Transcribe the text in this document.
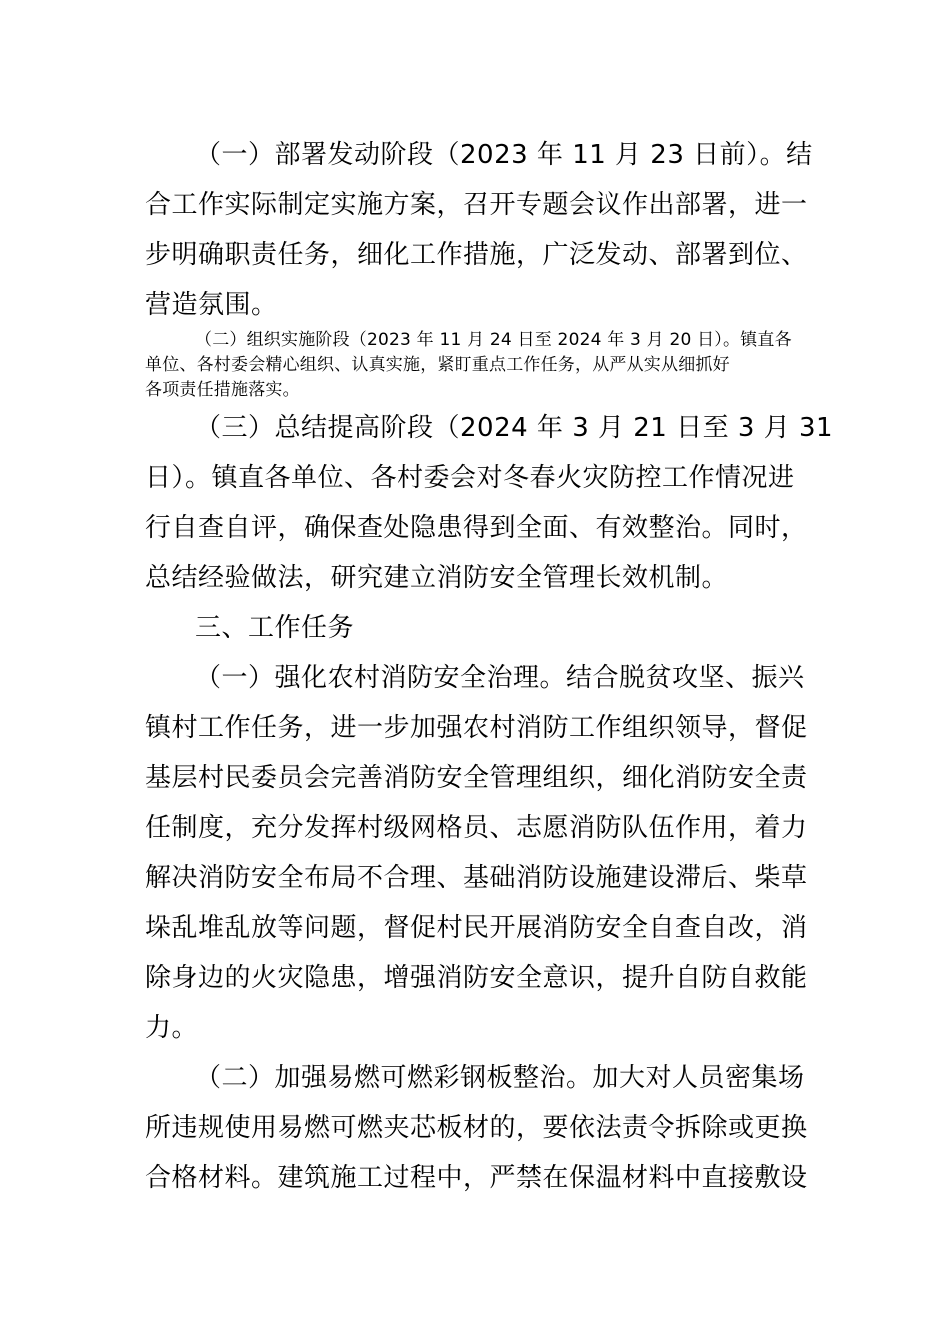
（一）部署发动阶段（2023 年 11 月 23 日前）。结

合工作实际制定实施方案，召开专题会议作出部署，进一

步明确职责任务，细化工作措施，广泛发动、部署到位、

营造氛围。

（二）组织实施阶段（2023 年 11 月 24 日至 2024 年 3 月 20 日）。镇直各

单位、各村委会精心组织、认真实施，紧盯重点工作任务，从严从实从细抓好

各项责任措施落实。

（三）总结提高阶段（2024 年 3 月 21 日至 3 月 31

日）。镇直各单位、各村委会对冬春火灾防控工作情况进

行自查自评，确保查处隐患得到全面、有效整治。同时，

总结经验做法，研究建立消防安全管理长效机制。

三、工作任务

（一）强化农村消防安全治理。结合脱贫攻坚、振兴

镇村工作任务，进一步加强农村消防工作组织领导，督促

基层村民委员会完善消防安全管理组织，细化消防安全责

任制度，充分发挥村级网格员、志愿消防队伍作用，着力

解决消防安全布局不合理、基础消防设施建设滞后、柴草

垛乱堆乱放等问题，督促村民开展消防安全自查自改，消

除身边的火灾隐患，增强消防安全意识，提升自防自救能

力。

（二）加强易燃可燃彩钢板整治。加大对人员密集场

所违规使用易燃可燃夹芯板材的，要依法责令拆除或更换

合格材料。建筑施工过程中，严禁在保温材料中直接敷设
